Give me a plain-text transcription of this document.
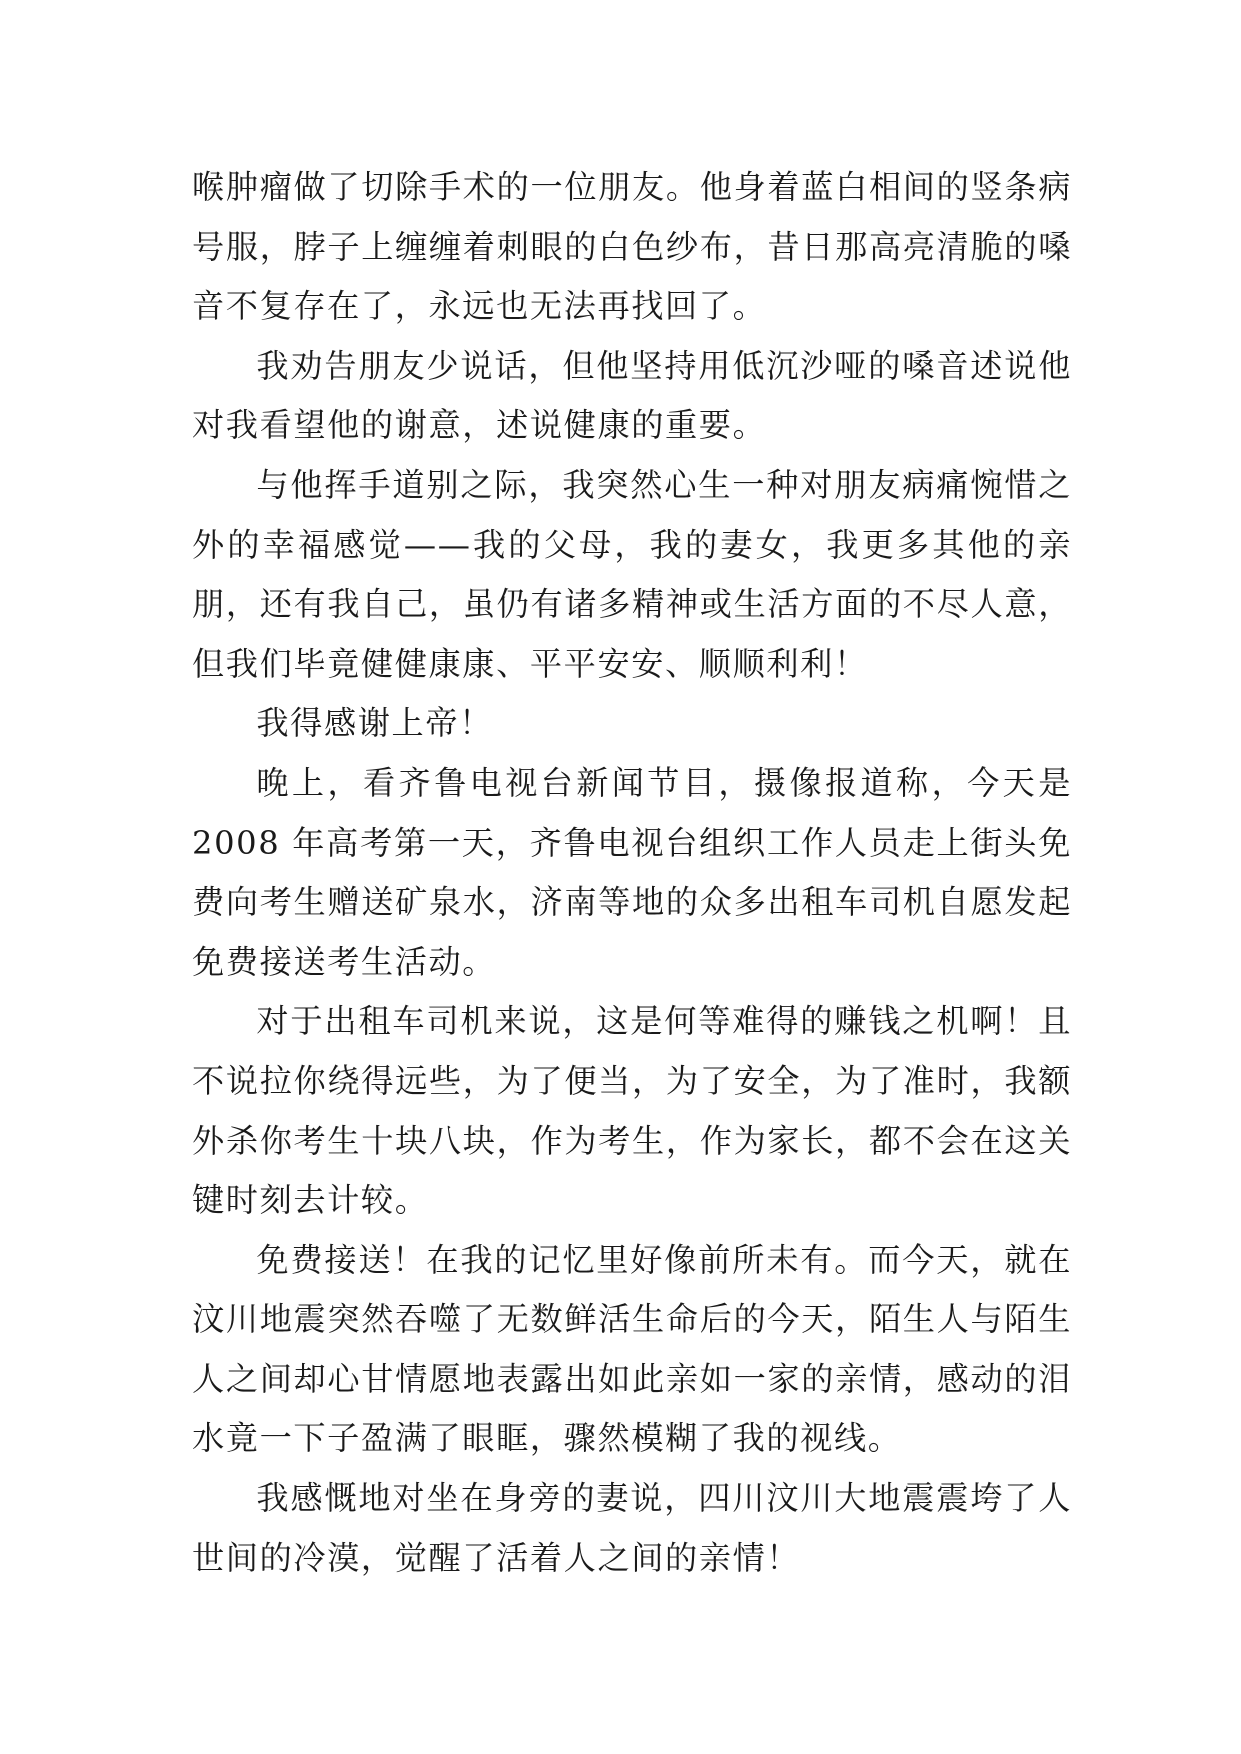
喉肿瘤做了切除手术的一位朋友。他身着蓝白相间的竖条病号服，脖子上缠缠着刺眼的白色纱布，昔日那高亮清脆的嗓音不复存在了，永远也无法再找回了。

我劝告朋友少说话，但他坚持用低沉沙哑的嗓音述说他对我看望他的谢意，述说健康的重要。

与他挥手道别之际，我突然心生一种对朋友病痛惋惜之外的幸福感觉——我的父母，我的妻女，我更多其他的亲朋，还有我自己，虽仍有诸多精神或生活方面的不尽人意，但我们毕竟健健康康、平平安安、顺顺利利！

我得感谢上帝！

晚上，看齐鲁电视台新闻节目，摄像报道称，今天是 2008 年高考第一天，齐鲁电视台组织工作人员走上街头免费向考生赠送矿泉水，济南等地的众多出租车司机自愿发起免费接送考生活动。

对于出租车司机来说，这是何等难得的赚钱之机啊！且不说拉你绕得远些，为了便当，为了安全，为了准时，我额外杀你考生十块八块，作为考生，作为家长，都不会在这关键时刻去计较。

免费接送！在我的记忆里好像前所未有。而今天，就在汶川地震突然吞噬了无数鲜活生命后的今天，陌生人与陌生人之间却心甘情愿地表露出如此亲如一家的亲情，感动的泪水竟一下子盈满了眼眶，骤然模糊了我的视线。

我感慨地对坐在身旁的妻说，四川汶川大地震震垮了人世间的冷漠，觉醒了活着人之间的亲情！
